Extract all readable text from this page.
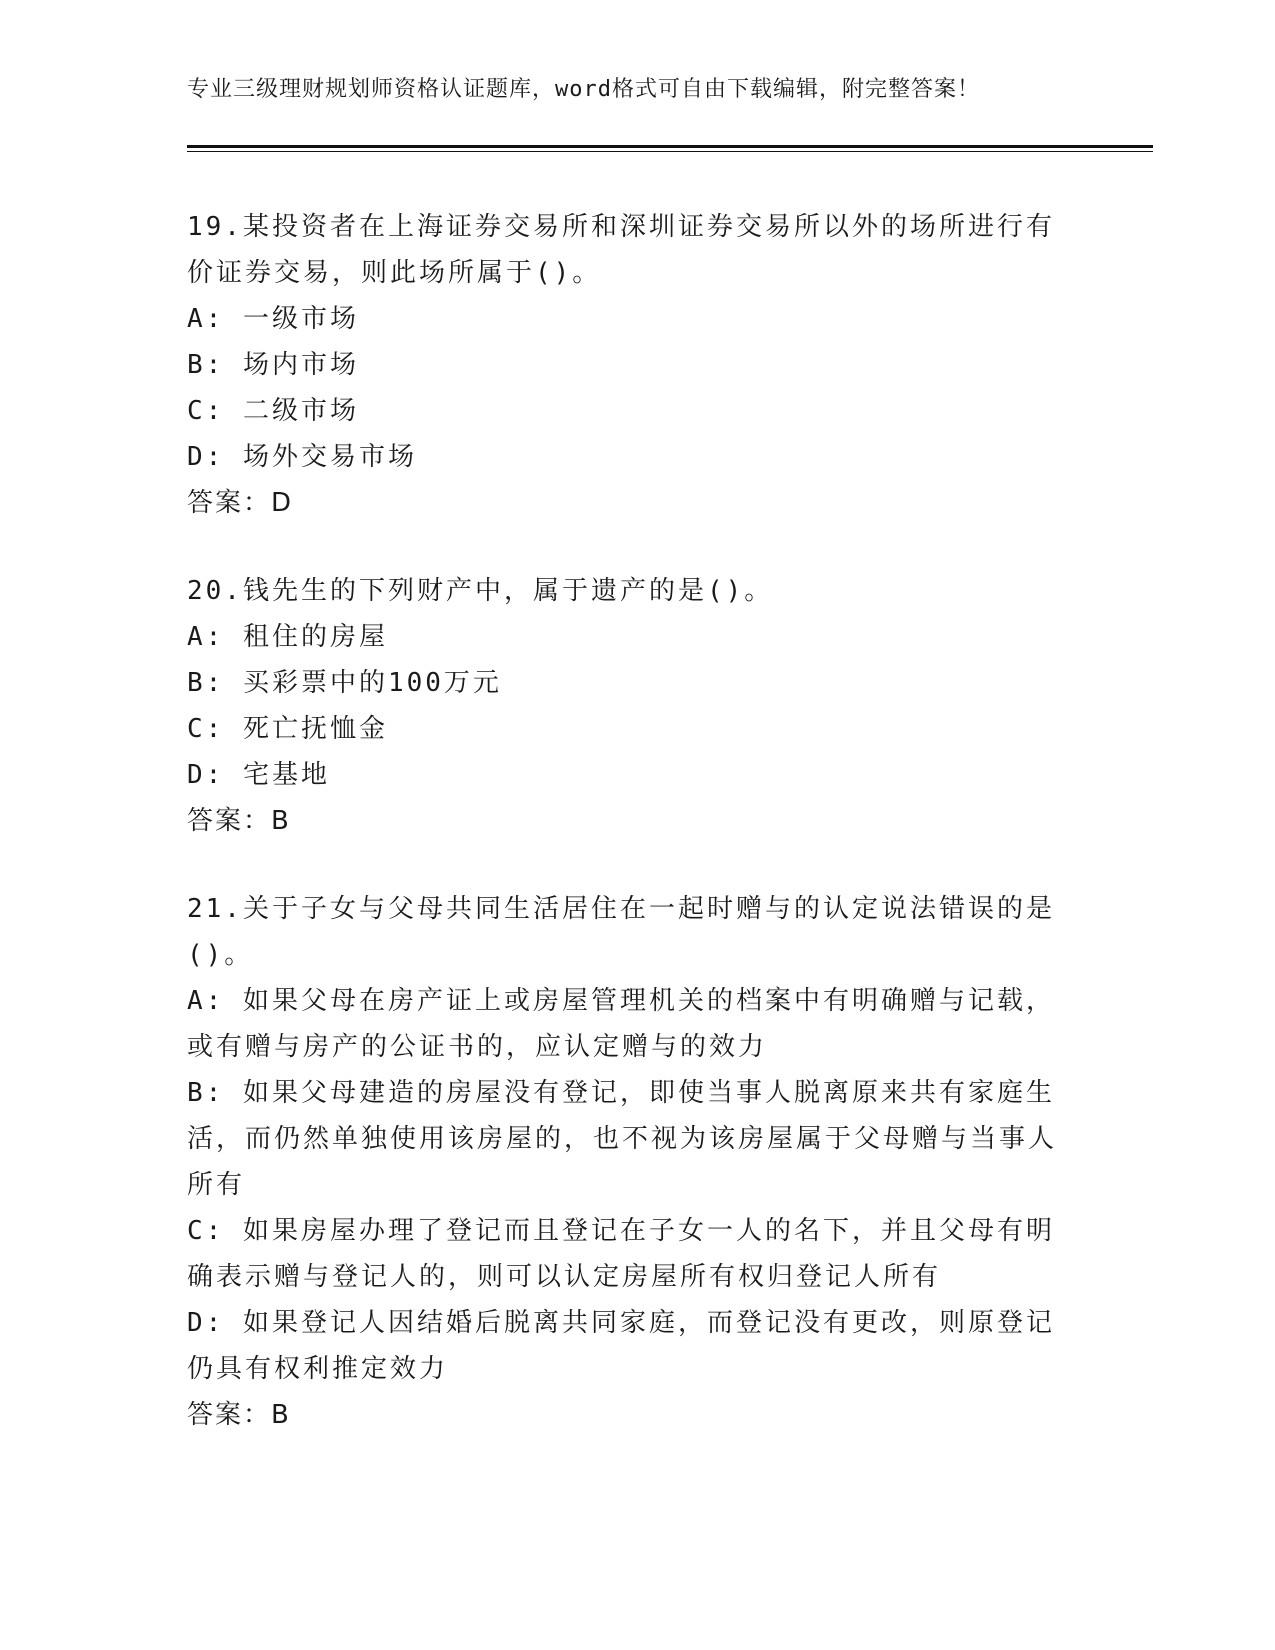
专业三级理财规划师资格认证题库，word格式可自由下载编辑，附完整答案！
19.某投资者在上海证券交易所和深圳证券交易所以外的场所进行有价证券交易，则此场所属于()。
A: 一级市场
B: 场内市场
C: 二级市场
D: 场外交易市场
答案：D
20.钱先生的下列财产中，属于遗产的是()。
A: 租住的房屋
B: 买彩票中的100万元
C: 死亡抚恤金
D: 宅基地
答案：B
21.关于子女与父母共同生活居住在一起时赠与的认定说法错误的是()。
A: 如果父母在房产证上或房屋管理机关的档案中有明确赠与记载，或有赠与房产的公证书的，应认定赠与的效力
B: 如果父母建造的房屋没有登记，即使当事人脱离原来共有家庭生活，而仍然单独使用该房屋的，也不视为该房屋属于父母赠与当事人所有
C: 如果房屋办理了登记而且登记在子女一人的名下，并且父母有明确表示赠与登记人的，则可以认定房屋所有权归登记人所有
D: 如果登记人因结婚后脱离共同家庭，而登记没有更改，则原登记仍具有权利推定效力
答案：B
